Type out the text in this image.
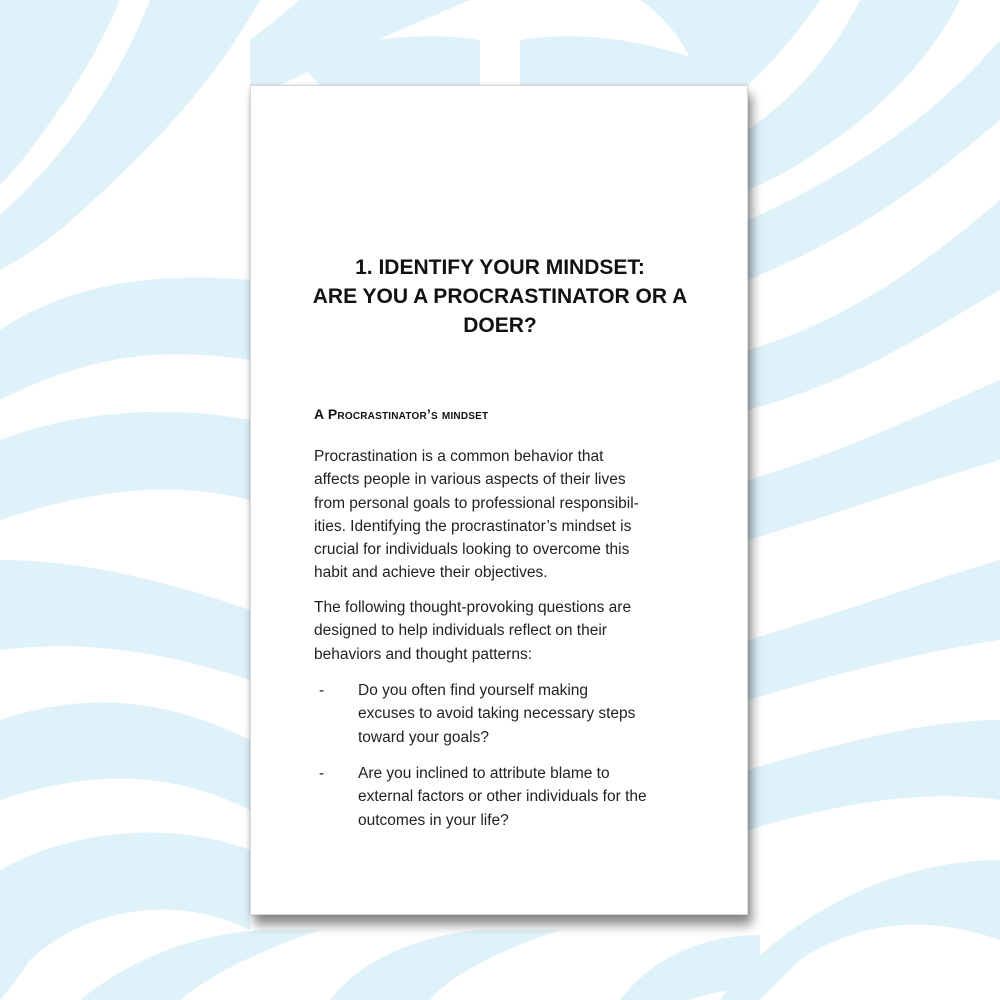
1. IDENTIFY YOUR MINDSET:
ARE YOU A PROCRASTINATOR OR A
DOER?
A Procrastinator’s mindset

Procrastination is a common behavior that
affects people in various aspects of their lives
from personal goals to professional responsibil-
ities. Identifying the procrastinator’s mindset is
crucial for individuals looking to overcome this
habit and achieve their objectives.

The following thought-provoking questions are
designed to help individuals reflect on their
behaviors and thought patterns:

- Do you often find yourself making
excuses to avoid taking necessary steps
toward your goals?
- Are you inclined to attribute blame to
external factors or other individuals for the
outcomes in your life?
